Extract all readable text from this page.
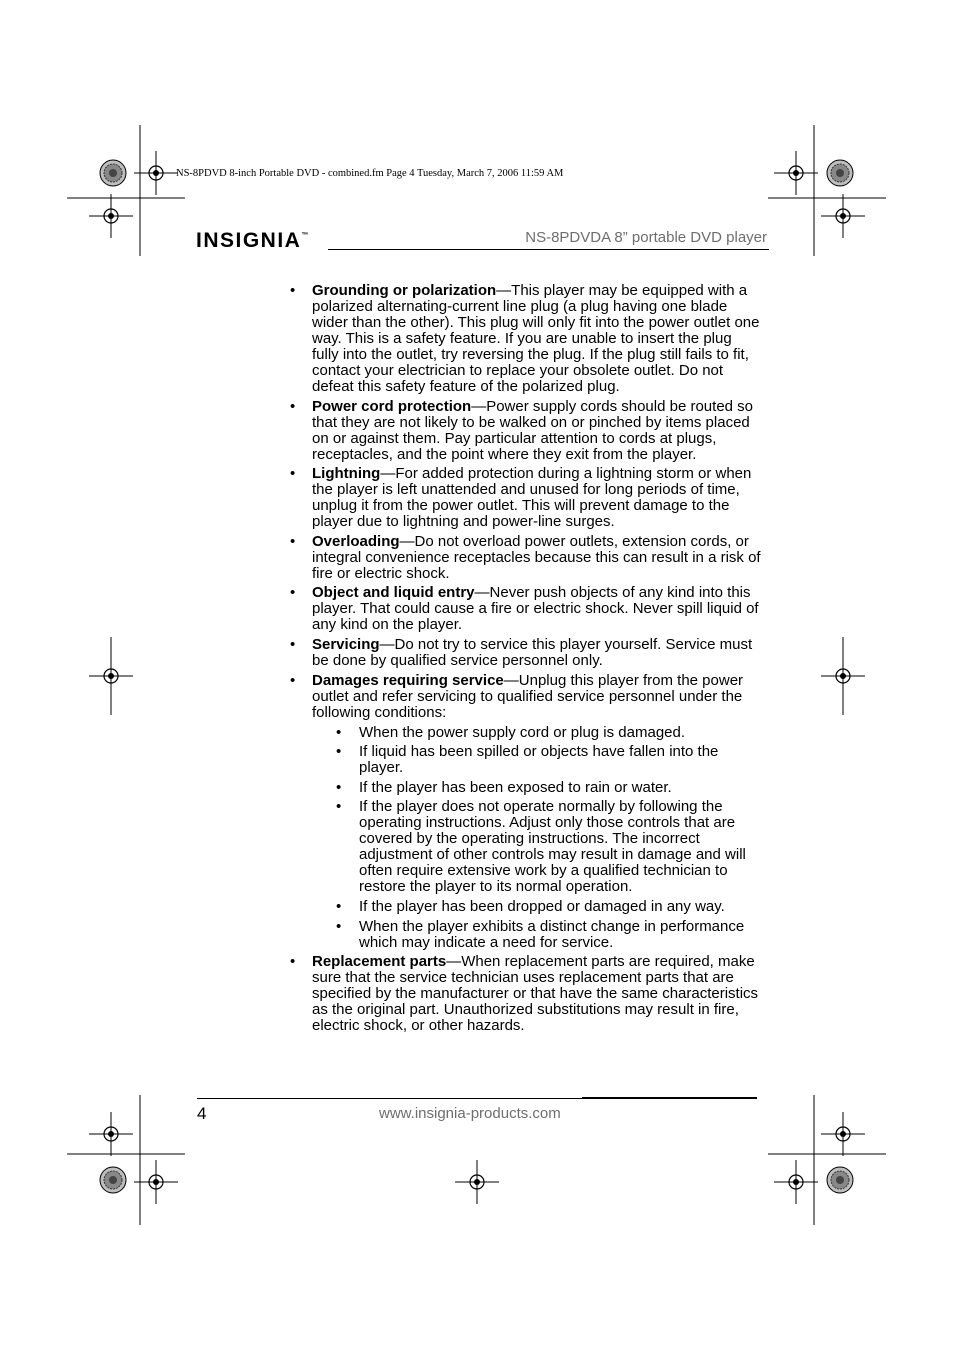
NS-8PDVD 8-inch Portable DVD - combined.fm Page 4 Tuesday, March 7, 2006 11:59 AM
INSIGNIA™	NS-8PDVDA 8” portable DVD player
• Grounding or polarization—This player may be equipped with a polarized alternating-current line plug (a plug having one blade wider than the other). This plug will only fit into the power outlet one way. This is a safety feature. If you are unable to insert the plug fully into the outlet, try reversing the plug. If the plug still fails to fit, contact your electrician to replace your obsolete outlet. Do not defeat this safety feature of the polarized plug.
• Power cord protection—Power supply cords should be routed so that they are not likely to be walked on or pinched by items placed on or against them. Pay particular attention to cords at plugs, receptacles, and the point where they exit from the player.
• Lightning—For added protection during a lightning storm or when the player is left unattended and unused for long periods of time, unplug it from the power outlet. This will prevent damage to the player due to lightning and power-line surges.
• Overloading—Do not overload power outlets, extension cords, or integral convenience receptacles because this can result in a risk of fire or electric shock.
• Object and liquid entry—Never push objects of any kind into this player. That could cause a fire or electric shock. Never spill liquid of any kind on the player.
• Servicing—Do not try to service this player yourself. Service must be done by qualified service personnel only.
• Damages requiring service—Unplug this player from the power outlet and refer servicing to qualified service personnel under the following conditions:
• When the power supply cord or plug is damaged.
• If liquid has been spilled or objects have fallen into the player.
• If the player has been exposed to rain or water.
• If the player does not operate normally by following the operating instructions. Adjust only those controls that are covered by the operating instructions. The incorrect adjustment of other controls may result in damage and will often require extensive work by a qualified technician to restore the player to its normal operation.
• If the player has been dropped or damaged in any way.
• When the player exhibits a distinct change in performance which may indicate a need for service.
• Replacement parts—When replacement parts are required, make sure that the service technician uses replacement parts that are specified by the manufacturer or that have the same characteristics as the original part. Unauthorized substitutions may result in fire, electric shock, or other hazards.
4	www.insignia-products.com
